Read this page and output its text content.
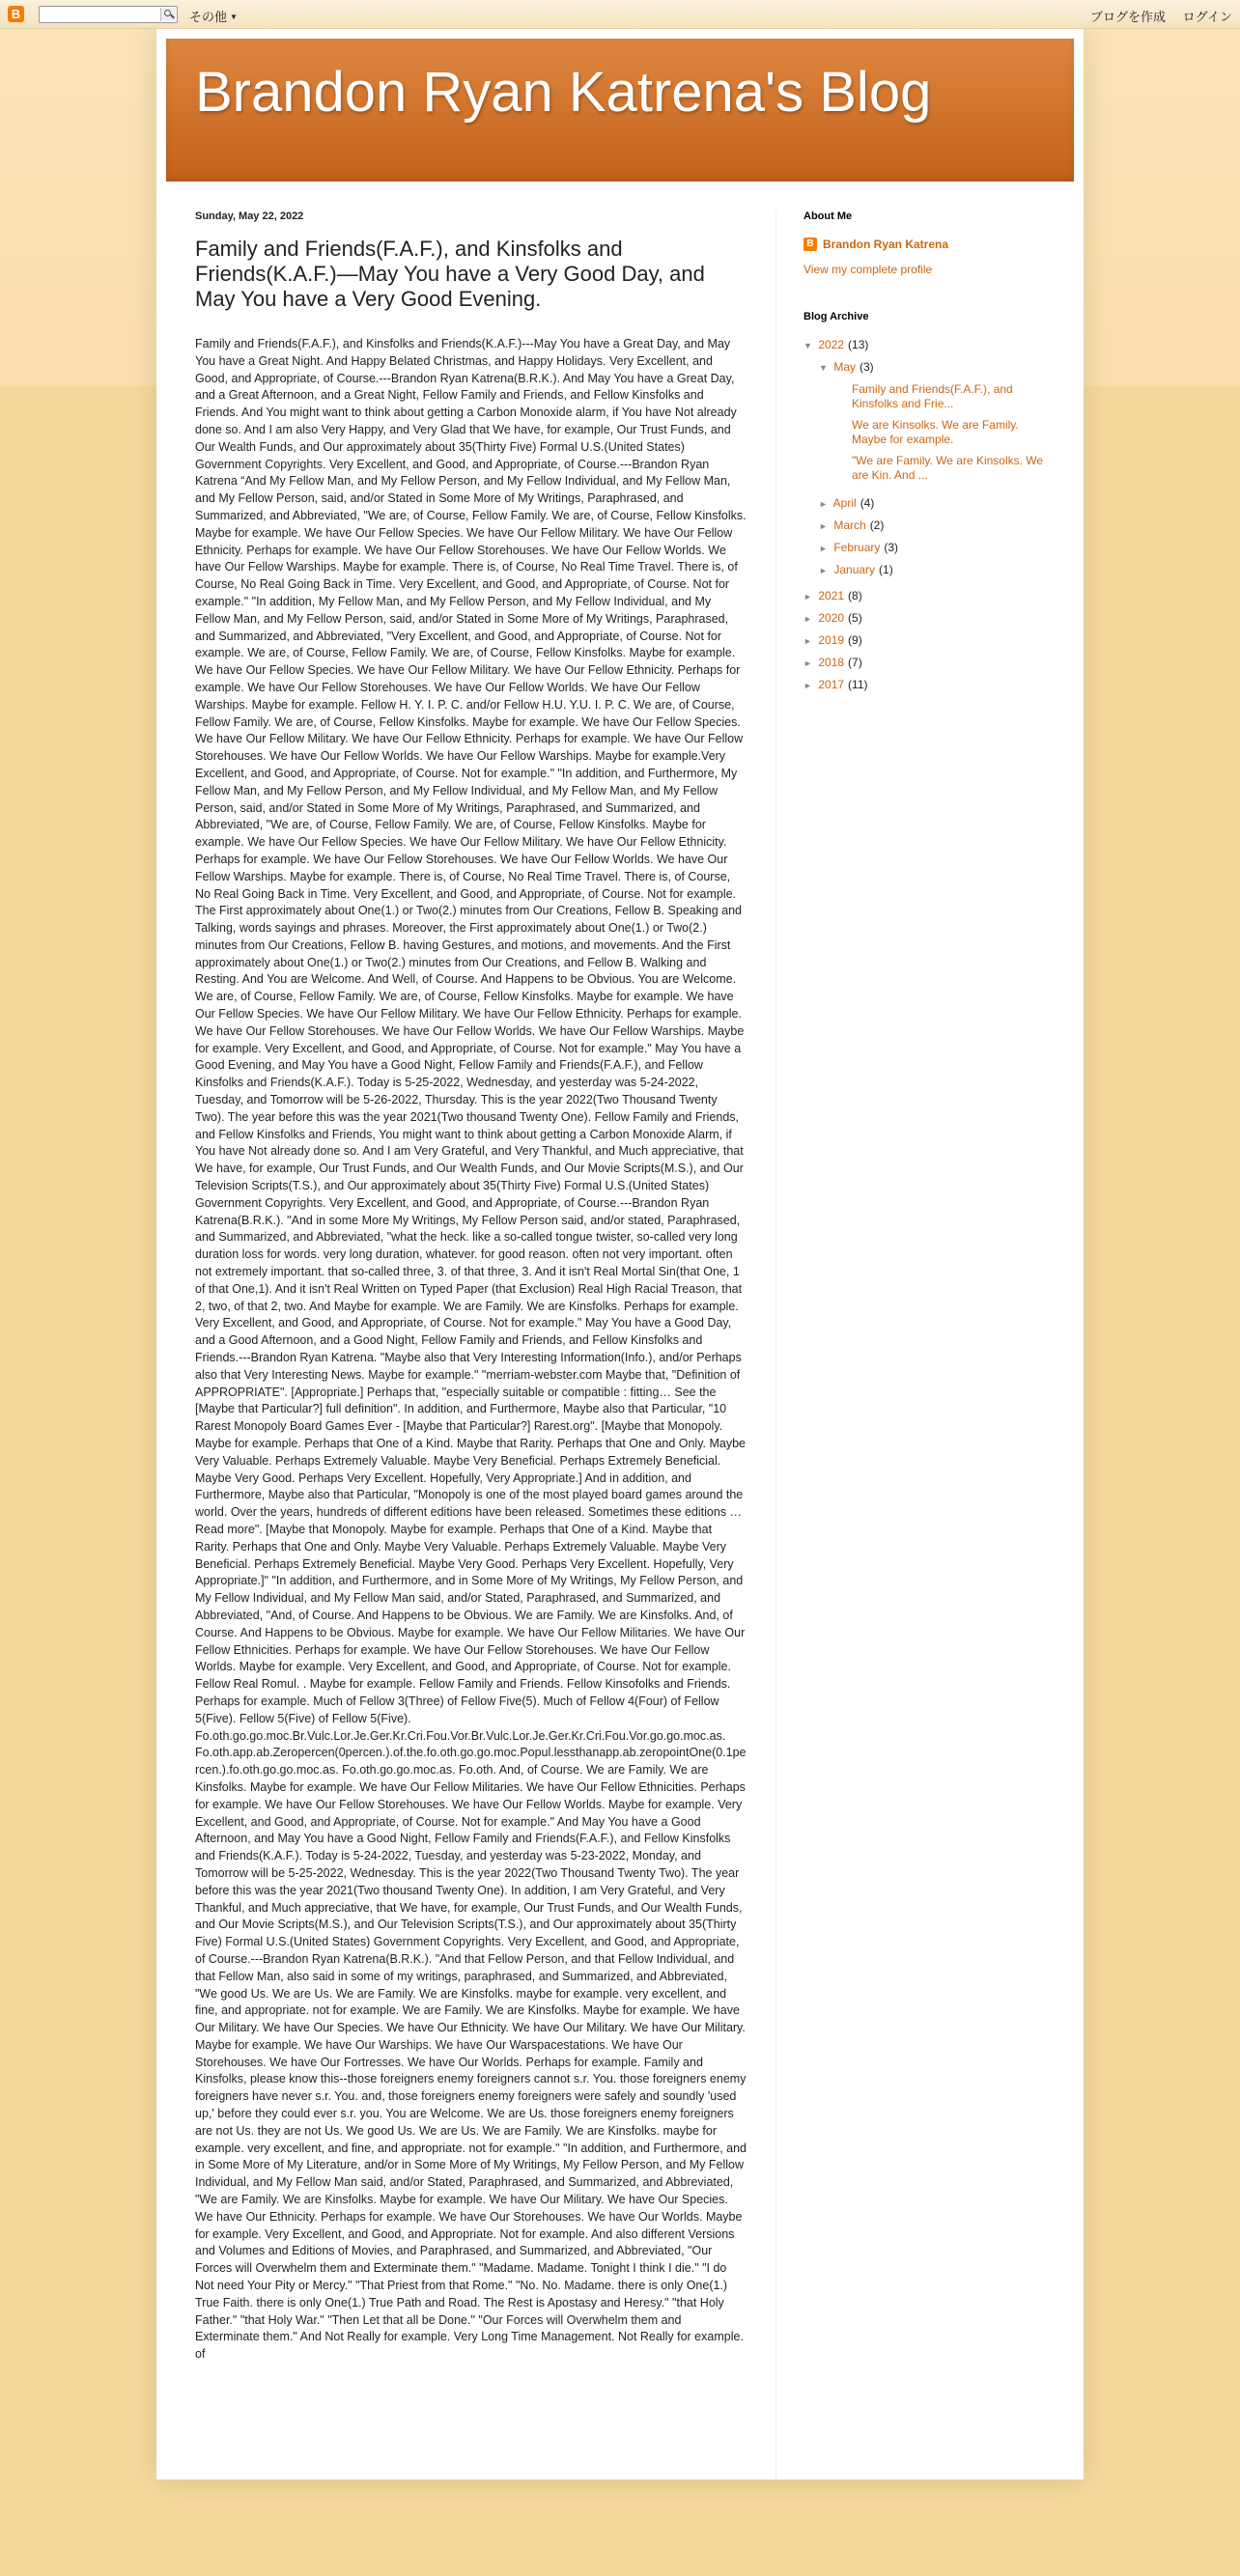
B	その他 ▼	ブログを作成 ログイン
Brandon Ryan Katrena's Blog
Sunday, May 22, 2022
Family and Friends(F.A.F.), and Kinsfolks and Friends(K.A.F.)—May You have a Very Good Day, and May You have a Very Good Evening.
Family and Friends(F.A.F.), and Kinsfolks and Friends(K.A.F.)---May You have a Great Day, and May You have a Great Night. And Happy Belated Christmas, and Happy Holidays. Very Excellent, and Good, and Appropriate, of Course.---Brandon Ryan Katrena(B.R.K.). And May You have a Great Day, and a Great Afternoon, and a Great Night, Fellow Family and Friends, and Fellow Kinsfolks and Friends. And You might want to think about getting a Carbon Monoxide alarm, if You have Not already done so. And I am also Very Happy, and Very Glad that We have, for example, Our Trust Funds, and Our Wealth Funds, and Our approximately about 35(Thirty Five) Formal U.S.(United States) Government Copyrights. Very Excellent, and Good, and Appropriate, of Course.---Brandon Ryan Katrena “And My Fellow Man, and My Fellow Person, and My Fellow Individual, and My Fellow Man, and My Fellow Person, said, and/or Stated in Some More of My Writings, Paraphrased, and Summarized, and Abbreviated, "We are, of Course, Fellow Family. We are, of Course, Fellow Kinsfolks. Maybe for example. We have Our Fellow Species. We have Our Fellow Military. We have Our Fellow Ethnicity. Perhaps for example. We have Our Fellow Storehouses. We have Our Fellow Worlds. We have Our Fellow Warships. Maybe for example. There is, of Course, No Real Time Travel. There is, of Course, No Real Going Back in Time. Very Excellent, and Good, and Appropriate, of Course. Not for example." "In addition, My Fellow Man, and My Fellow Person, and My Fellow Individual, and My Fellow Man, and My Fellow Person, said, and/or Stated in Some More of My Writings, Paraphrased, and Summarized, and Abbreviated, "Very Excellent, and Good, and Appropriate, of Course. Not for example. We are, of Course, Fellow Family. We are, of Course, Fellow Kinsfolks. Maybe for example. We have Our Fellow Species. We have Our Fellow Military. We have Our Fellow Ethnicity. Perhaps for example. We have Our Fellow Storehouses. We have Our Fellow Worlds. We have Our Fellow Warships. Maybe for example. Fellow H. Y. I. P. C. and/or Fellow H.U. Y.U. I. P. C. We are, of Course, Fellow Family. We are, of Course, Fellow Kinsfolks. Maybe for example. We have Our Fellow Species. We have Our Fellow Military. We have Our Fellow Ethnicity. Perhaps for example. We have Our Fellow Storehouses. We have Our Fellow Worlds. We have Our Fellow Warships. Maybe for example.Very Excellent, and Good, and Appropriate, of Course. Not for example." "In addition, and Furthermore, My Fellow Man, and My Fellow Person, and My Fellow Individual, and My Fellow Man, and My Fellow Person, said, and/or Stated in Some More of My Writings, Paraphrased, and Summarized, and Abbreviated, "We are, of Course, Fellow Family. We are, of Course, Fellow Kinsfolks. Maybe for example. We have Our Fellow Species. We have Our Fellow Military. We have Our Fellow Ethnicity. Perhaps for example. We have Our Fellow Storehouses. We have Our Fellow Worlds. We have Our Fellow Warships. Maybe for example. There is, of Course, No Real Time Travel. There is, of Course, No Real Going Back in Time. Very Excellent, and Good, and Appropriate, of Course. Not for example. The First approximately about One(1.) or Two(2.) minutes from Our Creations, Fellow B. Speaking and Talking, words sayings and phrases. Moreover, the First approximately about One(1.) or Two(2.) minutes from Our Creations, Fellow B. having Gestures, and motions, and movements. And the First approximately about One(1.) or Two(2.) minutes from Our Creations, and Fellow B. Walking and Resting. And You are Welcome. And Well, of Course. And Happens to be Obvious. You are Welcome. We are, of Course, Fellow Family. We are, of Course, Fellow Kinsfolks. Maybe for example. We have Our Fellow Species. We have Our Fellow Military. We have Our Fellow Ethnicity. Perhaps for example. We have Our Fellow Storehouses. We have Our Fellow Worlds. We have Our Fellow Warships. Maybe for example. Very Excellent, and Good, and Appropriate, of Course. Not for example." May You have a Good Evening, and May You have a Good Night, Fellow Family and Friends(F.A.F.), and Fellow Kinsfolks and Friends(K.A.F.). Today is 5-25-2022, Wednesday, and yesterday was 5-24-2022, Tuesday, and Tomorrow will be 5-26-2022, Thursday. This is the year 2022(Two Thousand Twenty Two). The year before this was the year 2021(Two thousand Twenty One). Fellow Family and Friends, and Fellow Kinsfolks and Friends, You might want to think about getting a Carbon Monoxide Alarm, if You have Not already done so. And I am Very Grateful, and Very Thankful, and Much appreciative, that We have, for example, Our Trust Funds, and Our Wealth Funds, and Our Movie Scripts(M.S.), and Our Television Scripts(T.S.), and Our approximately about 35(Thirty Five) Formal U.S.(United States) Government Copyrights. Very Excellent, and Good, and Appropriate, of Course.---Brandon Ryan Katrena(B.R.K.). "And in some More My Writings, My Fellow Person said, and/or stated, Paraphrased, and Summarized, and Abbreviated, "what the heck. like a so-called tongue twister, so-called very long duration loss for words. very long duration, whatever. for good reason. often not very important. often not extremely important. that so-called three, 3. of that three, 3. And it isn't Real Mortal Sin(that One, 1 of that One,1). And it isn't Real Written on Typed Paper (that Exclusion) Real High Racial Treason, that 2, two, of that 2, two. And Maybe for example. We are Family. We are Kinsfolks. Perhaps for example. Very Excellent, and Good, and Appropriate, of Course. Not for example." May You have a Good Day, and a Good Afternoon, and a Good Night, Fellow Family and Friends, and Fellow Kinsfolks and Friends.---Brandon Ryan Katrena. "Maybe also that Very Interesting Information(Info.), and/or Perhaps also that Very Interesting News. Maybe for example." "merriam-webster.com Maybe that, "Definition of APPROPRIATE". [Appropriate.] Perhaps that, "especially suitable or compatible : fitting… See the [Maybe that Particular?] full definition". In addition, and Furthermore, Maybe also that Particular, "10 Rarest Monopoly Board Games Ever - [Maybe that Particular?] Rarest.org". [Maybe that Monopoly. Maybe for example. Perhaps that One of a Kind. Maybe that Rarity. Perhaps that One and Only. Maybe Very Valuable. Perhaps Extremely Valuable. Maybe Very Beneficial. Perhaps Extremely Beneficial. Maybe Very Good. Perhaps Very Excellent. Hopefully, Very Appropriate.] And in addition, and Furthermore, Maybe also that Particular, "Monopoly is one of the most played board games around the world. Over the years, hundreds of different editions have been released. Sometimes these editions … Read more". [Maybe that Monopoly. Maybe for example. Perhaps that One of a Kind. Maybe that Rarity. Perhaps that One and Only. Maybe Very Valuable. Perhaps Extremely Valuable. Maybe Very Beneficial. Perhaps Extremely Beneficial. Maybe Very Good. Perhaps Very Excellent. Hopefully, Very Appropriate.]" "In addition, and Furthermore, and in Some More of My Writings, My Fellow Person, and My Fellow Individual, and My Fellow Man said, and/or Stated, Paraphrased, and Summarized, and Abbreviated, "And, of Course. And Happens to be Obvious. We are Family. We are Kinsfolks. And, of Course. And Happens to be Obvious. Maybe for example. We have Our Fellow Militaries. We have Our Fellow Ethnicities. Perhaps for example. We have Our Fellow Storehouses. We have Our Fellow Worlds. Maybe for example. Very Excellent, and Good, and Appropriate, of Course. Not for example. Fellow Real Romul. . Maybe for example. Fellow Family and Friends. Fellow Kinsofolks and Friends. Perhaps for example. Much of Fellow 3(Three) of Fellow Five(5). Much of Fellow 4(Four) of Fellow 5(Five). Fellow 5(Five) of Fellow 5(Five). Fo.oth.go.go.moc.Br.Vulc.Lor.Je.Ger.Kr.Cri.Fou.Vor.Br.Vulc.Lor.Je.Ger.Kr.Cri.Fou.Vor.go.go.moc.as. Fo.oth.app.ab.Zeropercen(0percen.).of.the.fo.oth.go.go.moc.Popul.lessthanapp.ab.zeropointOne(0.1percen.).fo.oth.go.go.moc.as. Fo.oth.go.go.moc.as. Fo.oth. And, of Course. We are Family. We are Kinsfolks. Maybe for example. We have Our Fellow Militaries. We have Our Fellow Ethnicities. Perhaps for example. We have Our Fellow Storehouses. We have Our Fellow Worlds. Maybe for example. Very Excellent, and Good, and Appropriate, of Course. Not for example." And May You have a Good Afternoon, and May You have a Good Night, Fellow Family and Friends(F.A.F.), and Fellow Kinsfolks and Friends(K.A.F.). Today is 5-24-2022, Tuesday, and yesterday was 5-23-2022, Monday, and Tomorrow will be 5-25-2022, Wednesday. This is the year 2022(Two Thousand Twenty Two). The year before this was the year 2021(Two thousand Twenty One). In addition, I am Very Grateful, and Very Thankful, and Much appreciative, that We have, for example, Our Trust Funds, and Our Wealth Funds, and Our Movie Scripts(M.S.), and Our Television Scripts(T.S.), and Our approximately about 35(Thirty Five) Formal U.S.(United States) Government Copyrights. Very Excellent, and Good, and Appropriate, of Course.---Brandon Ryan Katrena(B.R.K.). "And that Fellow Person, and that Fellow Individual, and that Fellow Man, also said in some of my writings, paraphrased, and Summarized, and Abbreviated, "We good Us. We are Us. We are Family. We are Kinsfolks. maybe for example. very excellent, and fine, and appropriate. not for example. We are Family. We are Kinsfolks. Maybe for example. We have Our Military. We have Our Species. We have Our Ethnicity. We have Our Military. We have Our Military. Maybe for example. We have Our Warships. We have Our Warspacestations. We have Our Storehouses. We have Our Fortresses. We have Our Worlds. Perhaps for example. Family and Kinsfolks, please know this--those foreigners enemy foreigners cannot s.r. You. those foreigners enemy foreigners have never s.r. You. and, those foreigners enemy foreigners were safely and soundly 'used up,' before they could ever s.r. you. You are Welcome. We are Us. those foreigners enemy foreigners are not Us. they are not Us. We good Us. We are Us. We are Family. We are Kinsfolks. maybe for example. very excellent, and fine, and appropriate. not for example." "In addition, and Furthermore, and in Some More of My Literature, and/or in Some More of My Writings, My Fellow Person, and My Fellow Individual, and My Fellow Man said, and/or Stated, Paraphrased, and Summarized, and Abbreviated, "We are Family. We are Kinsfolks. Maybe for example. We have Our Military. We have Our Species. We have Our Ethnicity. Perhaps for example. We have Our Storehouses. We have Our Worlds. Maybe for example. Very Excellent, and Good, and Appropriate. Not for example. And also different Versions and Volumes and Editions of Movies, and Paraphrased, and Summarized, and Abbreviated, "Our Forces will Overwhelm them and Exterminate them." "Madame. Madame. Tonight I think I die." "I do Not need Your Pity or Mercy." "That Priest from that Rome." "No. No. Madame. there is only One(1.) True Faith. there is only One(1.) True Path and Road. The Rest is Apostasy and Heresy." "that Holy Father." "that Holy War." "Then Let that all be Done." "Our Forces will Overwhelm them and Exterminate them." And Not Really for example. Very Long Time Management. Not Really for example. of
About Me
B Brandon Ryan Katrena
View my complete profile
Blog Archive
▼ 2022 (13)
▼ May (3)
Family and Friends(F.A.F.), and Kinsfolks and Frie...
We are Kinsolks. We are Family. Maybe for example.
"We are Family. We are Kinsolks. We are Kin. And ...
► April (4)
► March (2)
► February (3)
► January (1)
► 2021 (8)
► 2020 (5)
► 2019 (9)
► 2018 (7)
► 2017 (11)
